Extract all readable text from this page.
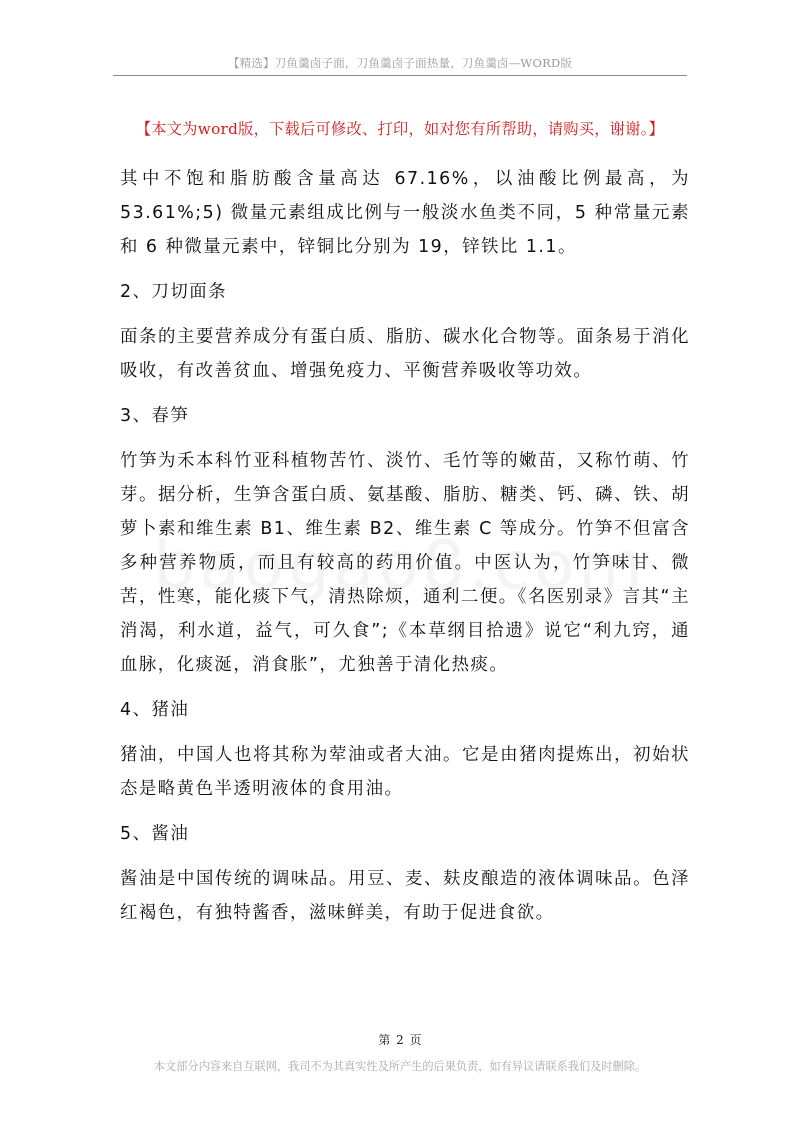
【精选】刀鱼羹卤子面，刀鱼羹卤子面热量，刀鱼羹卤—WORD版
【本文为word版，下载后可修改、打印，如对您有所帮助，请购买，谢谢。】

其中不饱和脂肪酸含量高达 67.16%，以油酸比例最高，为 53.61%;5) 微量元素组成比例与一般淡水鱼类不同，5 种常量元素和 6 种微量元素中，锌铜比分别为 19，锌铁比 1.1。

2、刀切面条

面条的主要营养成分有蛋白质、脂肪、碳水化合物等。面条易于消化吸收，有改善贫血、增强免疫力、平衡营养吸收等功效。

3、春笋

竹笋为禾本科竹亚科植物苦竹、淡竹、毛竹等的嫩苗，又称竹萌、竹芽。据分析，生笋含蛋白质、氨基酸、脂肪、糖类、钙、磷、铁、胡萝卜素和维生素 B1、维生素 B2、维生素 C 等成分。竹笋不但富含多种营养物质，而且有较高的药用价值。中医认为，竹笋味甘、微苦，性寒，能化痰下气，清热除烦，通利二便。《名医别录》言其“主消渴，利水道，益气，可久食”;《本草纲目拾遗》说它“利九窍，通血脉，化痰涎，消食胀”，尤独善于清化热痰。

4、猪油

猪油，中国人也将其称为荤油或者大油。它是由猪肉提炼出，初始状态是略黄色半透明液体的食用油。

5、酱油

酱油是中国传统的调味品。用豆、麦、麸皮酿造的液体调味品。色泽红褐色，有独特酱香，滋味鲜美，有助于促进食欲。

第 2 页
本文部分内容来自互联网，我司不为其真实性及所产生的后果负责，如有异议请联系我们及时删除。
